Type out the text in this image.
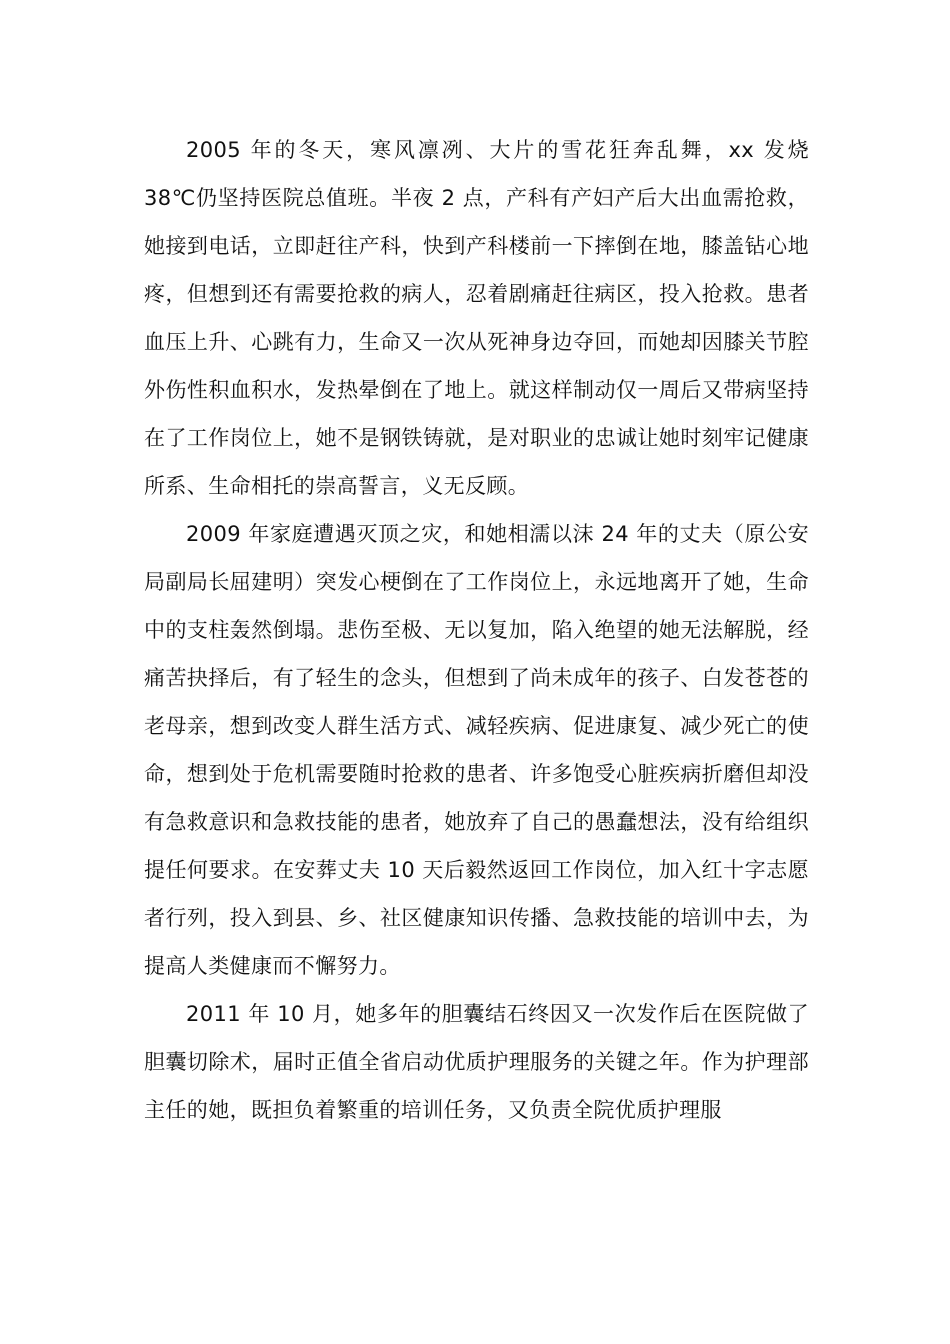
2005 年的冬天，寒风凛冽、大片的雪花狂奔乱舞，xx 发烧 38℃仍坚持医院总值班。半夜 2 点，产科有产妇产后大出血需抢救，她接到电话，立即赶往产科，快到产科楼前一下摔倒在地，膝盖钻心地疼，但想到还有需要抢救的病人，忍着剧痛赶往病区，投入抢救。患者血压上升、心跳有力，生命又一次从死神身边夺回，而她却因膝关节腔外伤性积血积水，发热晕倒在了地上。就这样制动仅一周后又带病坚持在了工作岗位上，她不是钢铁铸就，是对职业的忠诚让她时刻牢记健康所系、生命相托的崇高誓言，义无反顾。

2009 年家庭遭遇灭顶之灾，和她相濡以沫 24 年的丈夫（原公安局副局长屈建明）突发心梗倒在了工作岗位上，永远地离开了她，生命中的支柱轰然倒塌。悲伤至极、无以复加，陷入绝望的她无法解脱，经痛苦抉择后，有了轻生的念头，但想到了尚未成年的孩子、白发苍苍的老母亲，想到改变人群生活方式、减轻疾病、促进康复、减少死亡的使命，想到处于危机需要随时抢救的患者、许多饱受心脏疾病折磨但却没有急救意识和急救技能的患者，她放弃了自己的愚蠢想法，没有给组织提任何要求。在安葬丈夫 10 天后毅然返回工作岗位，加入红十字志愿者行列，投入到县、乡、社区健康知识传播、急救技能的培训中去，为提高人类健康而不懈努力。

2011 年 10 月，她多年的胆囊结石终因又一次发作后在医院做了胆囊切除术，届时正值全省启动优质护理服务的关键之年。作为护理部主任的她，既担负着繁重的培训任务，又负责全院优质护理服
